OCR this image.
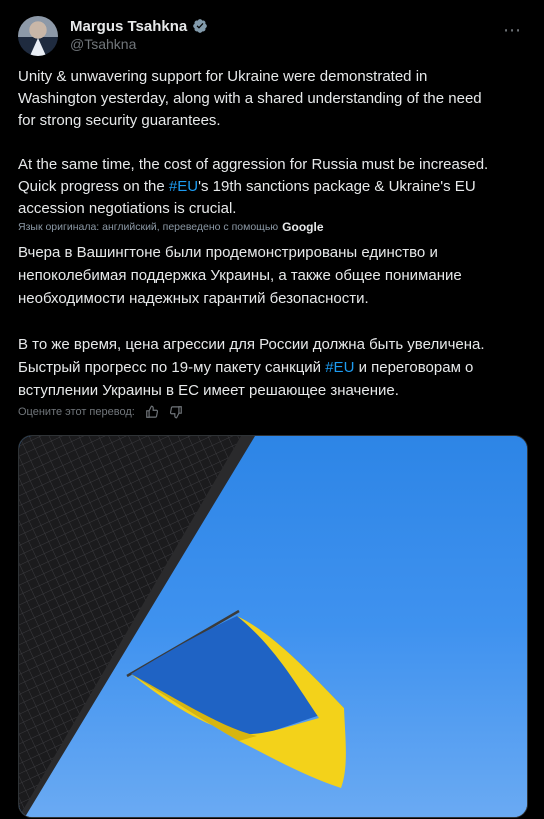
Margus Tsahkna
@Tsahkna
⋯
Unity & unwavering support for Ukraine were demonstrated in
Washington yesterday, along with a shared understanding of the need
for strong security guarantees.

At the same time, the cost of aggression for Russia must be increased.
Quick progress on the #EU's 19th sanctions package & Ukraine's EU
accession negotiations is crucial.
Язык оригинала: английский, переведено с помощью Google
Вчера в Вашингтоне были продемонстрированы единство и
непоколебимая поддержка Украины, а также общее понимание
необходимости надежных гарантий безопасности.

В то же время, цена агрессии для России должна быть увеличена.
Быстрый прогресс по 19-му пакету санкций #EU и переговорам о
вступлении Украины в ЕС имеет решающее значение.
Оцените этот перевод:
